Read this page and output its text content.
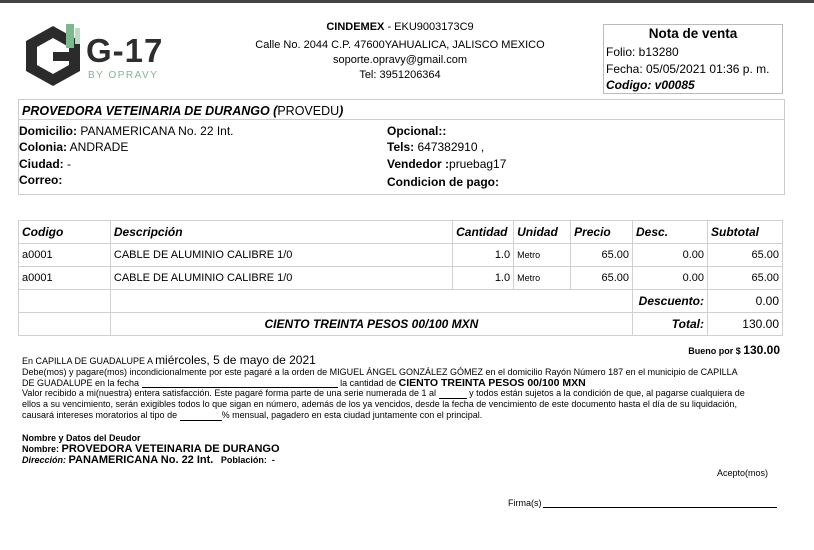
G-17
BY OPRAVY
CINDEMEX - EKU9003173C9
Calle No. 2044 C.P. 47600YAHUALICA, JALISCO MEXICO
soporte.opravy@gmail.com
Tel: 3951206364
Nota de venta
Folio: b13280
Fecha: 05/05/2021 01:36 p. m.
Codigo: v00085
PROVEDORA VETEINARIA DE DURANGO (PROVEDU)
Domicilio: PANAMERICANA No. 22 Int.
Colonia: ANDRADE
Ciudad: -
Correo:
Opcional::
Tels: 647382910 ,
Vendedor :pruebag17
Condicion de pago:
Codigo	Descripción	Cantidad	Unidad	Precio	Desc.	Subtotal
a0001	CABLE DE ALUMINIO CALIBRE 1/0	1.0	Metro	65.00	0.00	65.00
a0001	CABLE DE ALUMINIO CALIBRE 1/0	1.0	Metro	65.00	0.00	65.00
					Descuento:	0.00
	CIENTO TREINTA PESOS 00/100 MXN				Total:	130.00
Bueno por $ 130.00
En CAPILLA DE GUADALUPE A miércoles, 5 de mayo de 2021
Debe(mos) y pagare(mos) incondicionalmente por este pagaré a la orden de MIGUEL ÁNGEL GONZÁLEZ GÓMEZ en el domicilio Rayón Número 187 en el municipio de CAPILLA
DE GUADALUPE en la fecha	la cantidad de CIENTO TREINTA PESOS 00/100 MXN
Valor recibido a mi(nuestra) entera satisfacción. Este pagaré forma parte de una serie numerada de 1 al	y todos están sujetos a la condición de que, al pagarse cualquiera de
ellos a su vencimiento, serán exigibles todos lo que sigan en número, además de los ya vencidos, desde la fecha de vencimiento de este documento hasta el día de su liquidación,
causará intereses moratorios al tipo de	% mensual, pagadero en esta ciudad juntamente con el principal.
Nombre y Datos del Deudor
Nombre: PROVEDORA VETEINARIA DE DURANGO
Dirección: PANAMERICANA No. 22 Int.   Población:  -
Acepto(mos)
Firma(s)
